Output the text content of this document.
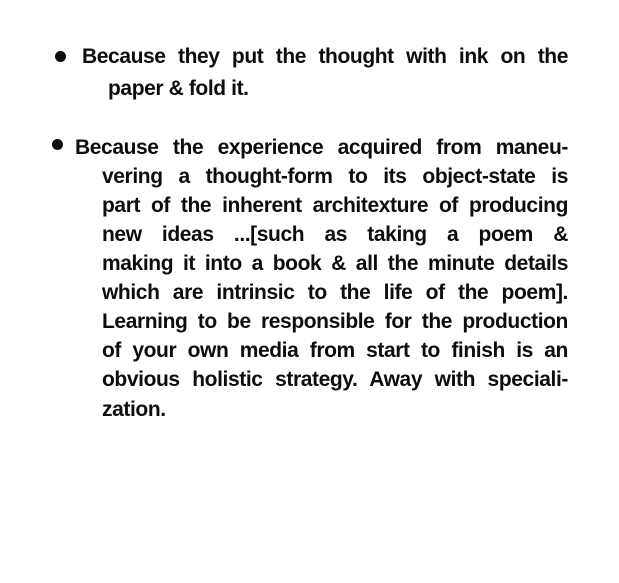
Because they put the thought with ink on the
paper & fold it.
Because the experience acquired from maneu-
vering a thought-form to its object-state is
part of the inherent architexture of producing
new ideas ...[such as taking a poem &
making it into a book & all the minute details
which are intrinsic to the life of the poem].
Learning to be responsible for the production
of your own media from start to finish is an
obvious holistic strategy. Away with speciali-
zation.
